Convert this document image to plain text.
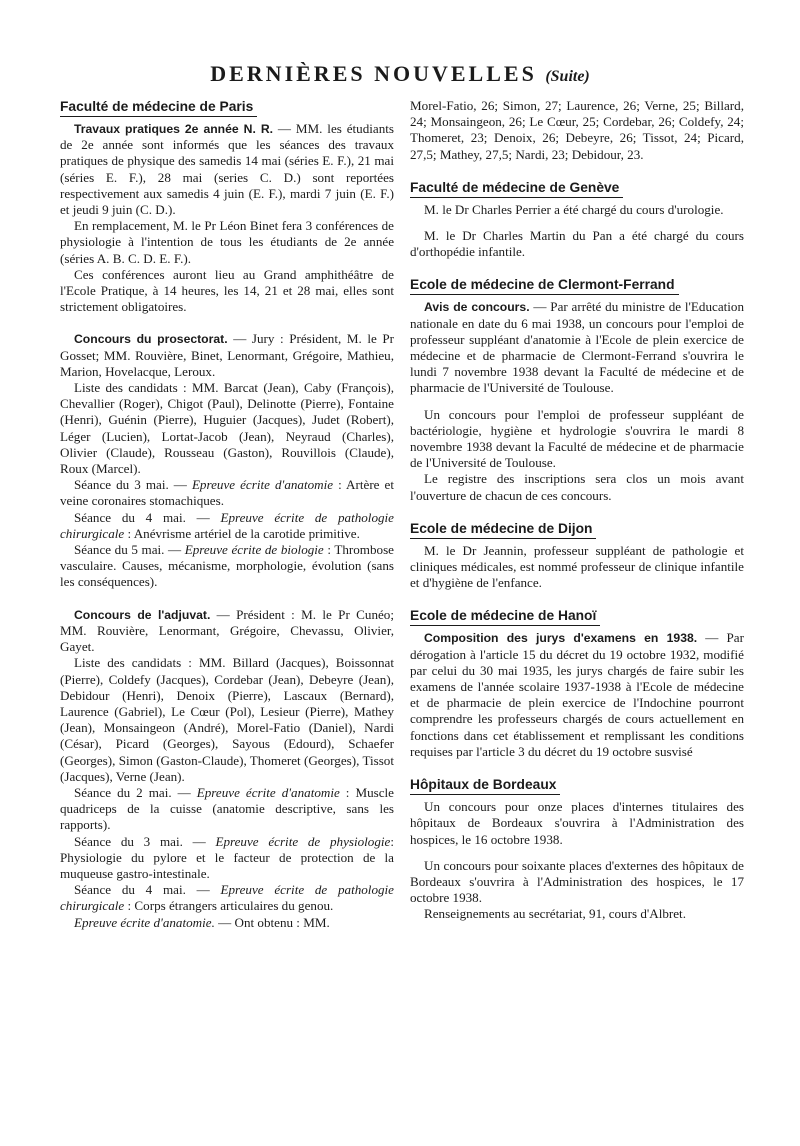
DERNIÈRES NOUVELLES (Suite)
Faculté de médecine de Paris

Travaux pratiques 2e année N. R. — MM. les étudiants de 2e année sont informés que les séances des travaux pratiques de physique des samedis 14 mai (séries E. F.), 21 mai (séries E. F.), 28 mai (series C. D.) sont reportées respectivement aux samedis 4 juin (E. F.), mardi 7 juin (E. F.) et jeudi 9 juin (C. D.).

En remplacement, M. le Pr Léon Binet fera 3 conférences de physiologie à l'intention de tous les étudiants de 2e année (séries A. B. C. D. E. F.).

Ces conférences auront lieu au Grand amphithéâtre de l'Ecole Pratique, à 14 heures, les 14, 21 et 28 mai, elles sont strictement obligatoires.

Concours du prosectorat. — Jury : Président, M. le Pr Gosset; MM. Rouvière, Binet, Lenormant, Grégoire, Mathieu, Marion, Hovelacque, Leroux.

Liste des candidats : MM. Barcat (Jean), Caby (François), Chevallier (Roger), Chigot (Paul), Delinotte (Pierre), Fontaine (Henri), Guénin (Pierre), Huguier (Jacques), Judet (Robert), Léger (Lucien), Lortat-Jacob (Jean), Neyraud (Charles), Olivier (Claude), Rousseau (Gaston), Rouvillois (Claude), Roux (Marcel).

Séance du 3 mai. — Epreuve écrite d'anatomie : Artère et veine coronaires stomachiques.

Séance du 4 mai. — Epreuve écrite de pathologie chirurgicale : Anévrisme artériel de la carotide primitive.

Séance du 5 mai. — Epreuve écrite de biologie : Thrombose vasculaire. Causes, mécanisme, morphologie, évolution (sans les conséquences).

Concours de l'adjuvat. — Président : M. le Pr Cunéo; MM. Rouvière, Lenormant, Grégoire, Chevassu, Olivier, Gayet.

Liste des candidats : MM. Billard (Jacques), Boissonnat (Pierre), Coldefy (Jacques), Cordebar (Jean), Debeyre (Jean), Debidour (Henri), Denoix (Pierre), Lascaux (Bernard), Laurence (Gabriel), Le Cœur (Pol), Lesieur (Pierre), Mathey (Jean), Monsaingeon (André), Morel-Fatio (Daniel), Nardi (César), Picard (Georges), Sayous (Edourd), Schaefer (Georges), Simon (Gaston-Claude), Thomeret (Georges), Tissot (Jacques), Verne (Jean).

Séance du 2 mai. — Epreuve écrite d'anatomie : Muscle quadriceps de la cuisse (anatomie descriptive, sans les rapports).

Séance du 3 mai. — Epreuve écrite de physiologie: Physiologie du pylore et le facteur de protection de la muqueuse gastro-intestinale.

Séance du 4 mai. — Epreuve écrite de pathologie chirurgicale : Corps étrangers articulaires du genou.

Epreuve écrite d'anatomie. — Ont obtenu : MM.

Morel-Fatio, 26; Simon, 27; Laurence, 26; Verne, 25; Billard, 24; Monsaingeon, 26; Le Cœur, 25; Cordebar, 26; Coldefy, 24; Thomeret, 23; Denoix, 26; Debeyre, 26; Tissot, 24; Picard, 27,5; Mathey, 27,5; Nardi, 23; Debidour, 23.

Faculté de médecine de Genève

M. le Dr Charles Perrier a été chargé du cours d'urologie.

M. le Dr Charles Martin du Pan a été chargé du cours d'orthopédie infantile.

Ecole de médecine de Clermont-Ferrand

Avis de concours. — Par arrêté du ministre de l'Education nationale en date du 6 mai 1938, un concours pour l'emploi de professeur suppléant d'anatomie à l'Ecole de plein exercice de médecine et de pharmacie de Clermont-Ferrand s'ouvrira le lundi 7 novembre 1938 devant la Faculté de médecine et de pharmacie de l'Université de Toulouse.

Un concours pour l'emploi de professeur suppléant de bactériologie, hygiène et hydrologie s'ouvrira le mardi 8 novembre 1938 devant la Faculté de médecine et de pharmacie de l'Université de Toulouse.

Le registre des inscriptions sera clos un mois avant l'ouverture de chacun de ces concours.

Ecole de médecine de Dijon

M. le Dr Jeannin, professeur suppléant de pathologie et cliniques médicales, est nommé professeur de clinique infantile et d'hygiène de l'enfance.

Ecole de médecine de Hanoï

Composition des jurys d'examens en 1938. — Par dérogation à l'article 15 du décret du 19 octobre 1932, modifié par celui du 30 mai 1935, les jurys chargés de faire subir les examens de l'année scolaire 1937-1938 à l'Ecole de médecine et de pharmacie de plein exercice de l'Indochine pourront comprendre les professeurs chargés de cours actuellement en fonctions dans cet établissement et remplissant les conditions requises par l'article 3 du décret du 19 octobre susvisé

Hôpitaux de Bordeaux

Un concours pour onze places d'internes titulaires des hôpitaux de Bordeaux s'ouvrira à l'Administration des hospices, le 16 octobre 1938.

Un concours pour soixante places d'externes des hôpitaux de Bordeaux s'ouvrira à l'Administration des hospices, le 17 octobre 1938.

Renseignements au secrétariat, 91, cours d'Albret.
